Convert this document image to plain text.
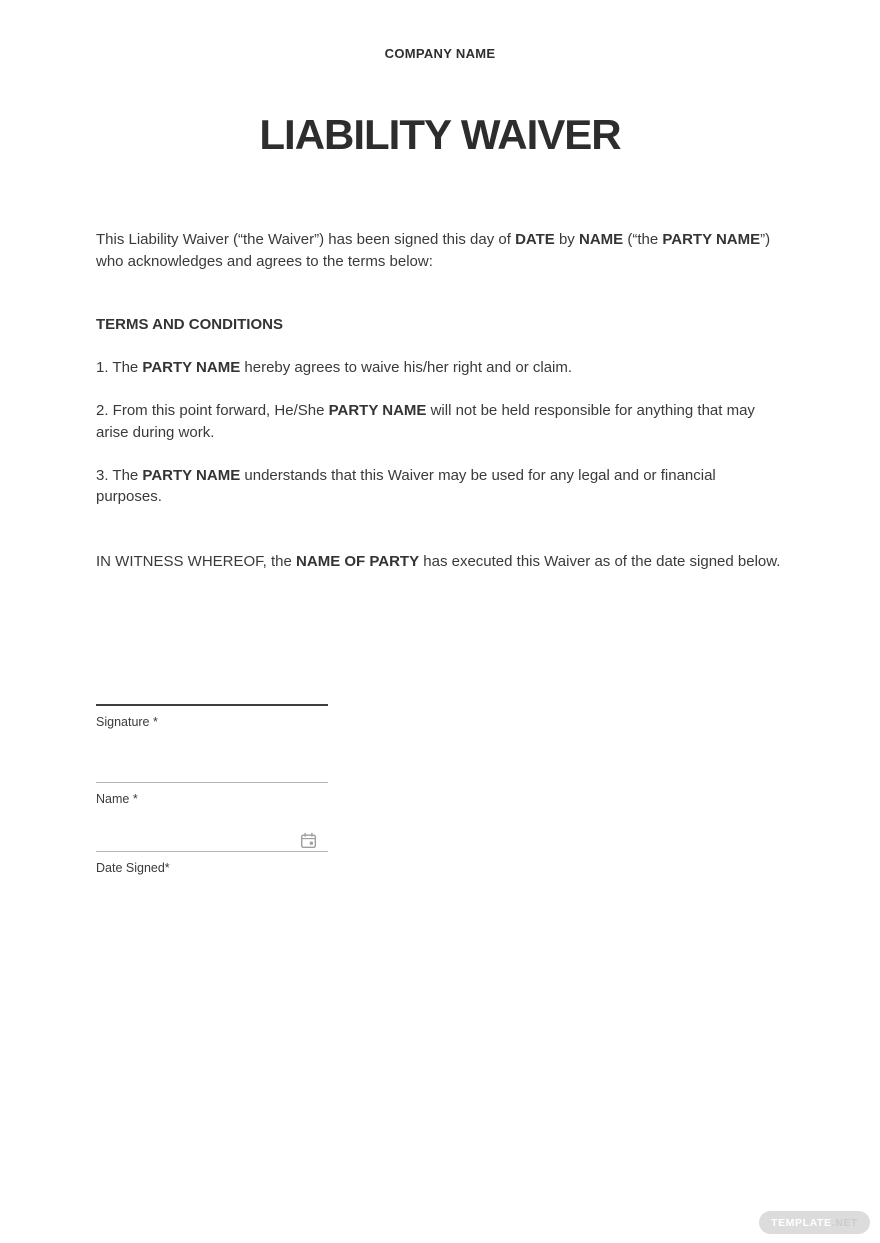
COMPANY NAME
LIABILITY WAIVER

This Liability Waiver (“the Waiver”) has been signed this day of DATE by NAME (“the PARTY NAME”) who acknowledges and agrees to the terms below:

TERMS AND CONDITIONS

1. The PARTY NAME hereby agrees to waive his/her right and or claim.

2. From this point forward, He/She PARTY NAME will not be held responsible for anything that may arise during work.

3. The PARTY NAME understands that this Waiver may be used for any legal and or financial purposes.

IN WITNESS WHEREOF, the NAME OF PARTY has executed this Waiver as of the date signed below.

Signature *
Name *
Date Signed*
TEMPLATE .NET
